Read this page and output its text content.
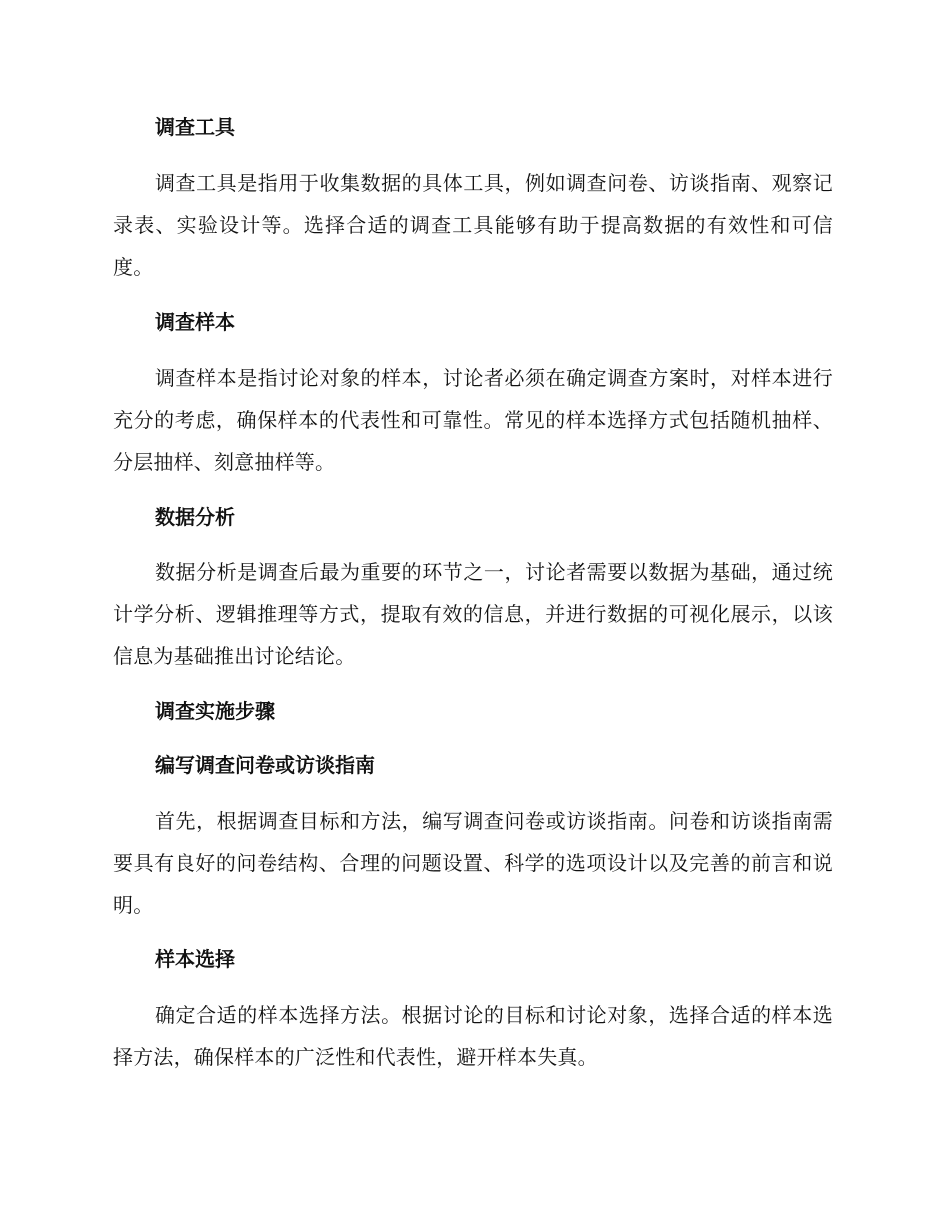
调查工具

调查工具是指用于收集数据的具体工具，例如调查问卷、访谈指南、观察记录表、实验设计等。选择合适的调查工具能够有助于提高数据的有效性和可信度。

调查样本

调查样本是指讨论对象的样本，讨论者必须在确定调查方案时，对样本进行充分的考虑，确保样本的代表性和可靠性。常见的样本选择方式包括随机抽样、分层抽样、刻意抽样等。

数据分析

数据分析是调查后最为重要的环节之一，讨论者需要以数据为基础，通过统计学分析、逻辑推理等方式，提取有效的信息，并进行数据的可视化展示，以该信息为基础推出讨论结论。

调查实施步骤
编写调查问卷或访谈指南

首先，根据调查目标和方法，编写调查问卷或访谈指南。问卷和访谈指南需要具有良好的问卷结构、合理的问题设置、科学的选项设计以及完善的前言和说明。

样本选择

确定合适的样本选择方法。根据讨论的目标和讨论对象，选择合适的样本选择方法，确保样本的广泛性和代表性，避开样本失真。
